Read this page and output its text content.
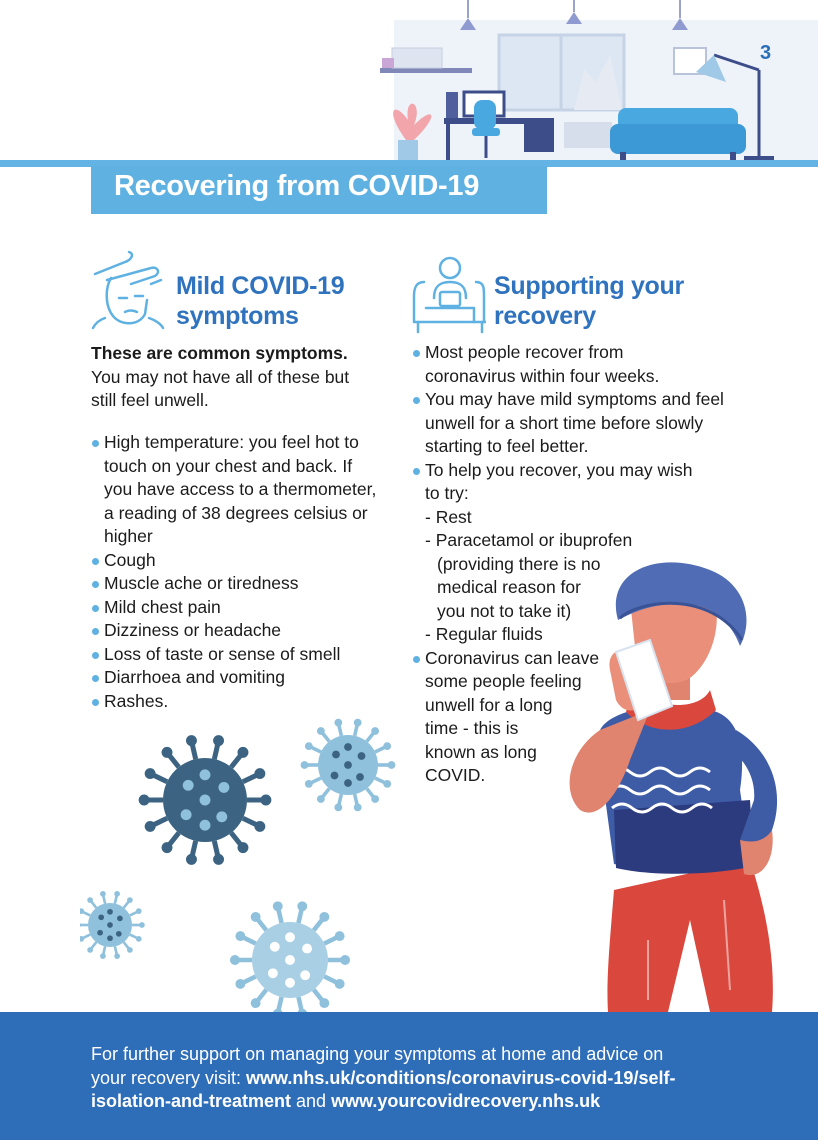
3
Recovering from COVID-19
Mild COVID-19
symptoms
These are common symptoms.
You may not have all of these but
still feel unwell.
High temperature: you feel hot to
touch on your chest and back. If
you have access to a thermometer,
a reading of 38 degrees celsius or
higher
Cough
Muscle ache or tiredness
Mild chest pain
Dizziness or headache
Loss of taste or sense of smell
Diarrhoea and vomiting
Rashes.
Supporting your
recovery
Most people recover from
coronavirus within four weeks.
You may have mild symptoms and feel
unwell for a short time before slowly
starting to feel better.
To help you recover, you may wish
to try:
- Rest
- Paracetamol or ibuprofen
(providing there is no
medical reason for
you not to take it)
- Regular fluids
Coronavirus can leave
some people feeling
unwell for a long
time - this is
known as long
COVID.
For further support on managing your symptoms at home and advice on
your recovery visit: www.nhs.uk/conditions/coronavirus-covid-19/self-
isolation-and-treatment and www.yourcovidrecovery.nhs.uk
